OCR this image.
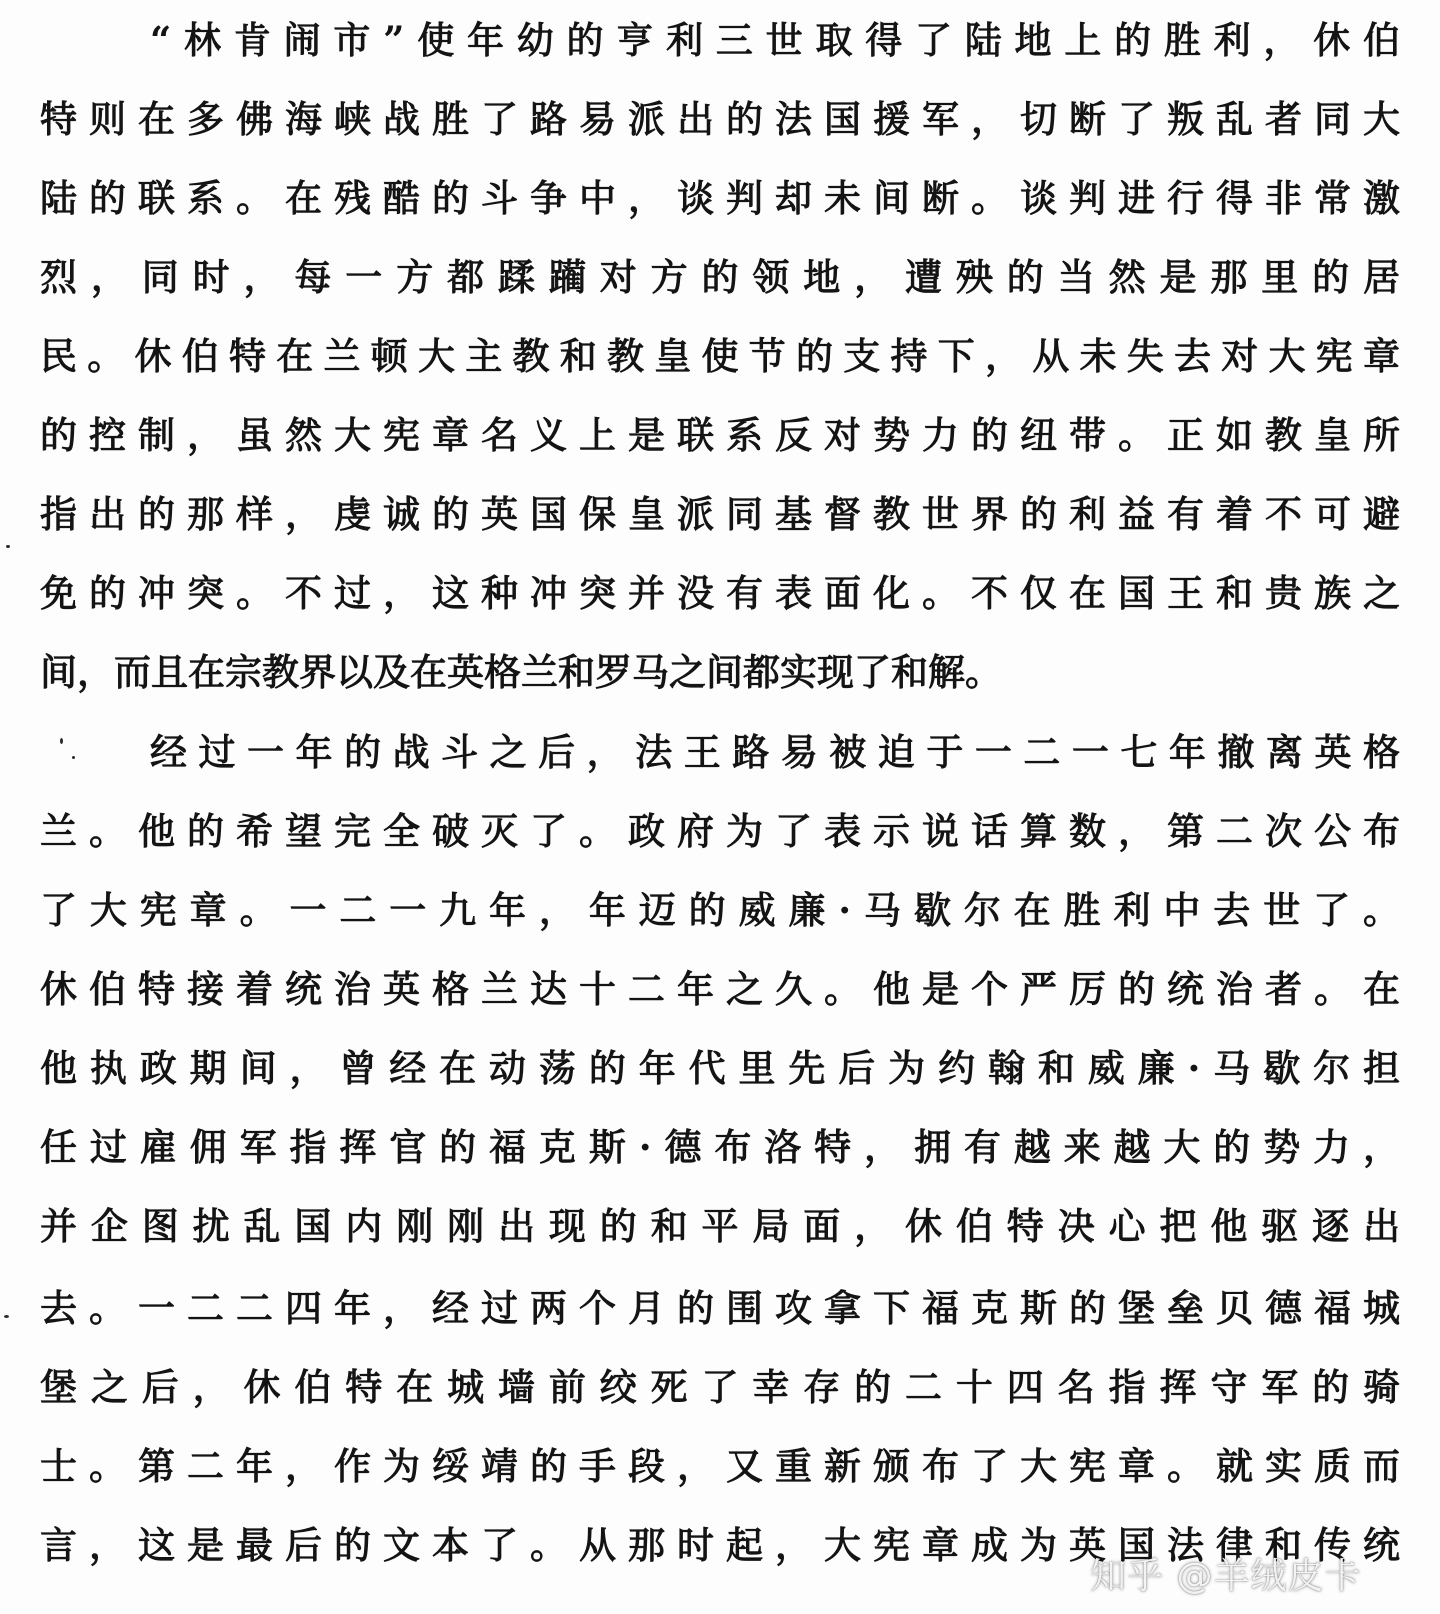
“林肯闹市”使年幼的亨利三世取得了陆地上的胜利，休伯
特则在多佛海峡战胜了路易派出的法国援军，切断了叛乱者同大
陆的联系。在残酷的斗争中，谈判却未间断。谈判进行得非常激
烈，同时，每一方都蹂躏对方的领地，遭殃的当然是那里的居
民。休伯特在兰顿大主教和教皇使节的支持下，从未失去对大宪章
的控制，虽然大宪章名义上是联系反对势力的纽带。正如教皇所
指出的那样，虔诚的英国保皇派同基督教世界的利益有着不可避
免的冲突。不过，这种冲突并没有表面化。不仅在国王和贵族之
间，而且在宗教界以及在英格兰和罗马之间都实现了和解。
经过一年的战斗之后，法王路易被迫于一二一七年撤离英格
兰。他的希望完全破灭了。政府为了表示说话算数，第二次公布
了大宪章。一二一九年，年迈的威廉·马歇尔在胜利中去世了。
休伯特接着统治英格兰达十二年之久。他是个严厉的统治者。在
他执政期间，曾经在动荡的年代里先后为约翰和威廉·马歇尔担
任过雇佣军指挥官的福克斯·德布洛特，拥有越来越大的势力，
并企图扰乱国内刚刚出现的和平局面，休伯特决心把他驱逐出
去。一二二四年，经过两个月的围攻拿下福克斯的堡垒贝德福城
堡之后，休伯特在城墙前绞死了幸存的二十四名指挥守军的骑
士。第二年，作为绥靖的手段，又重新颁布了大宪章。就实质而
言，这是最后的文本了。从那时起，大宪章成为英国法律和传统
知乎 @羊绒皮卡
